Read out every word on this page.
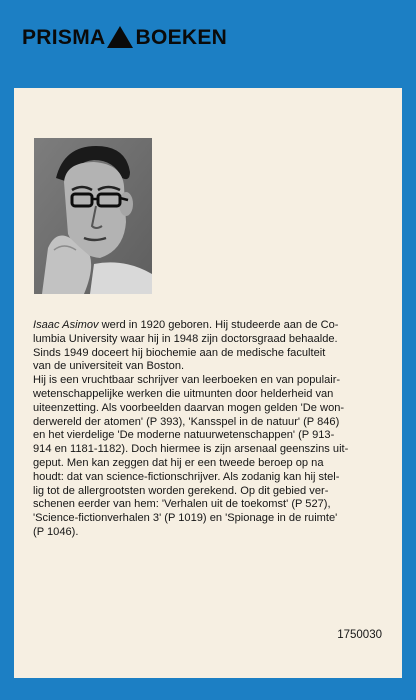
PRISMA BOEKEN

Isaac Asimov werd in 1920 geboren. Hij studeerde aan de Co-
lumbia University waar hij in 1948 zijn doctorsgraad behaalde.
Sinds 1949 doceert hij biochemie aan de medische faculteit
van de universiteit van Boston.

Hij is een vruchtbaar schrijver van leerboeken en van populair-
wetenschappelijke werken die uitmunten door helderheid van
uiteenzetting. Als voorbeelden daarvan mogen gelden 'De won-
derwereld der atomen' (P 393), 'Kansspel in de natuur' (P 846)
en het vierdelige 'De moderne natuurwetenschappen' (P 913-
914 en 1181-1182). Doch hiermee is zijn arsenaal geenszins uit-
geput. Men kan zeggen dat hij er een tweede beroep op na
houdt: dat van science-fictionschrijver. Als zodanig kan hij stel-
lig tot de allergrootsten worden gerekend. Op dit gebied ver-
schenen eerder van hem: 'Verhalen uit de toekomst' (P 527),
'Science-fictionverhalen 3' (P 1019) en 'Spionage in de ruimte'
(P 1046).

1750030
